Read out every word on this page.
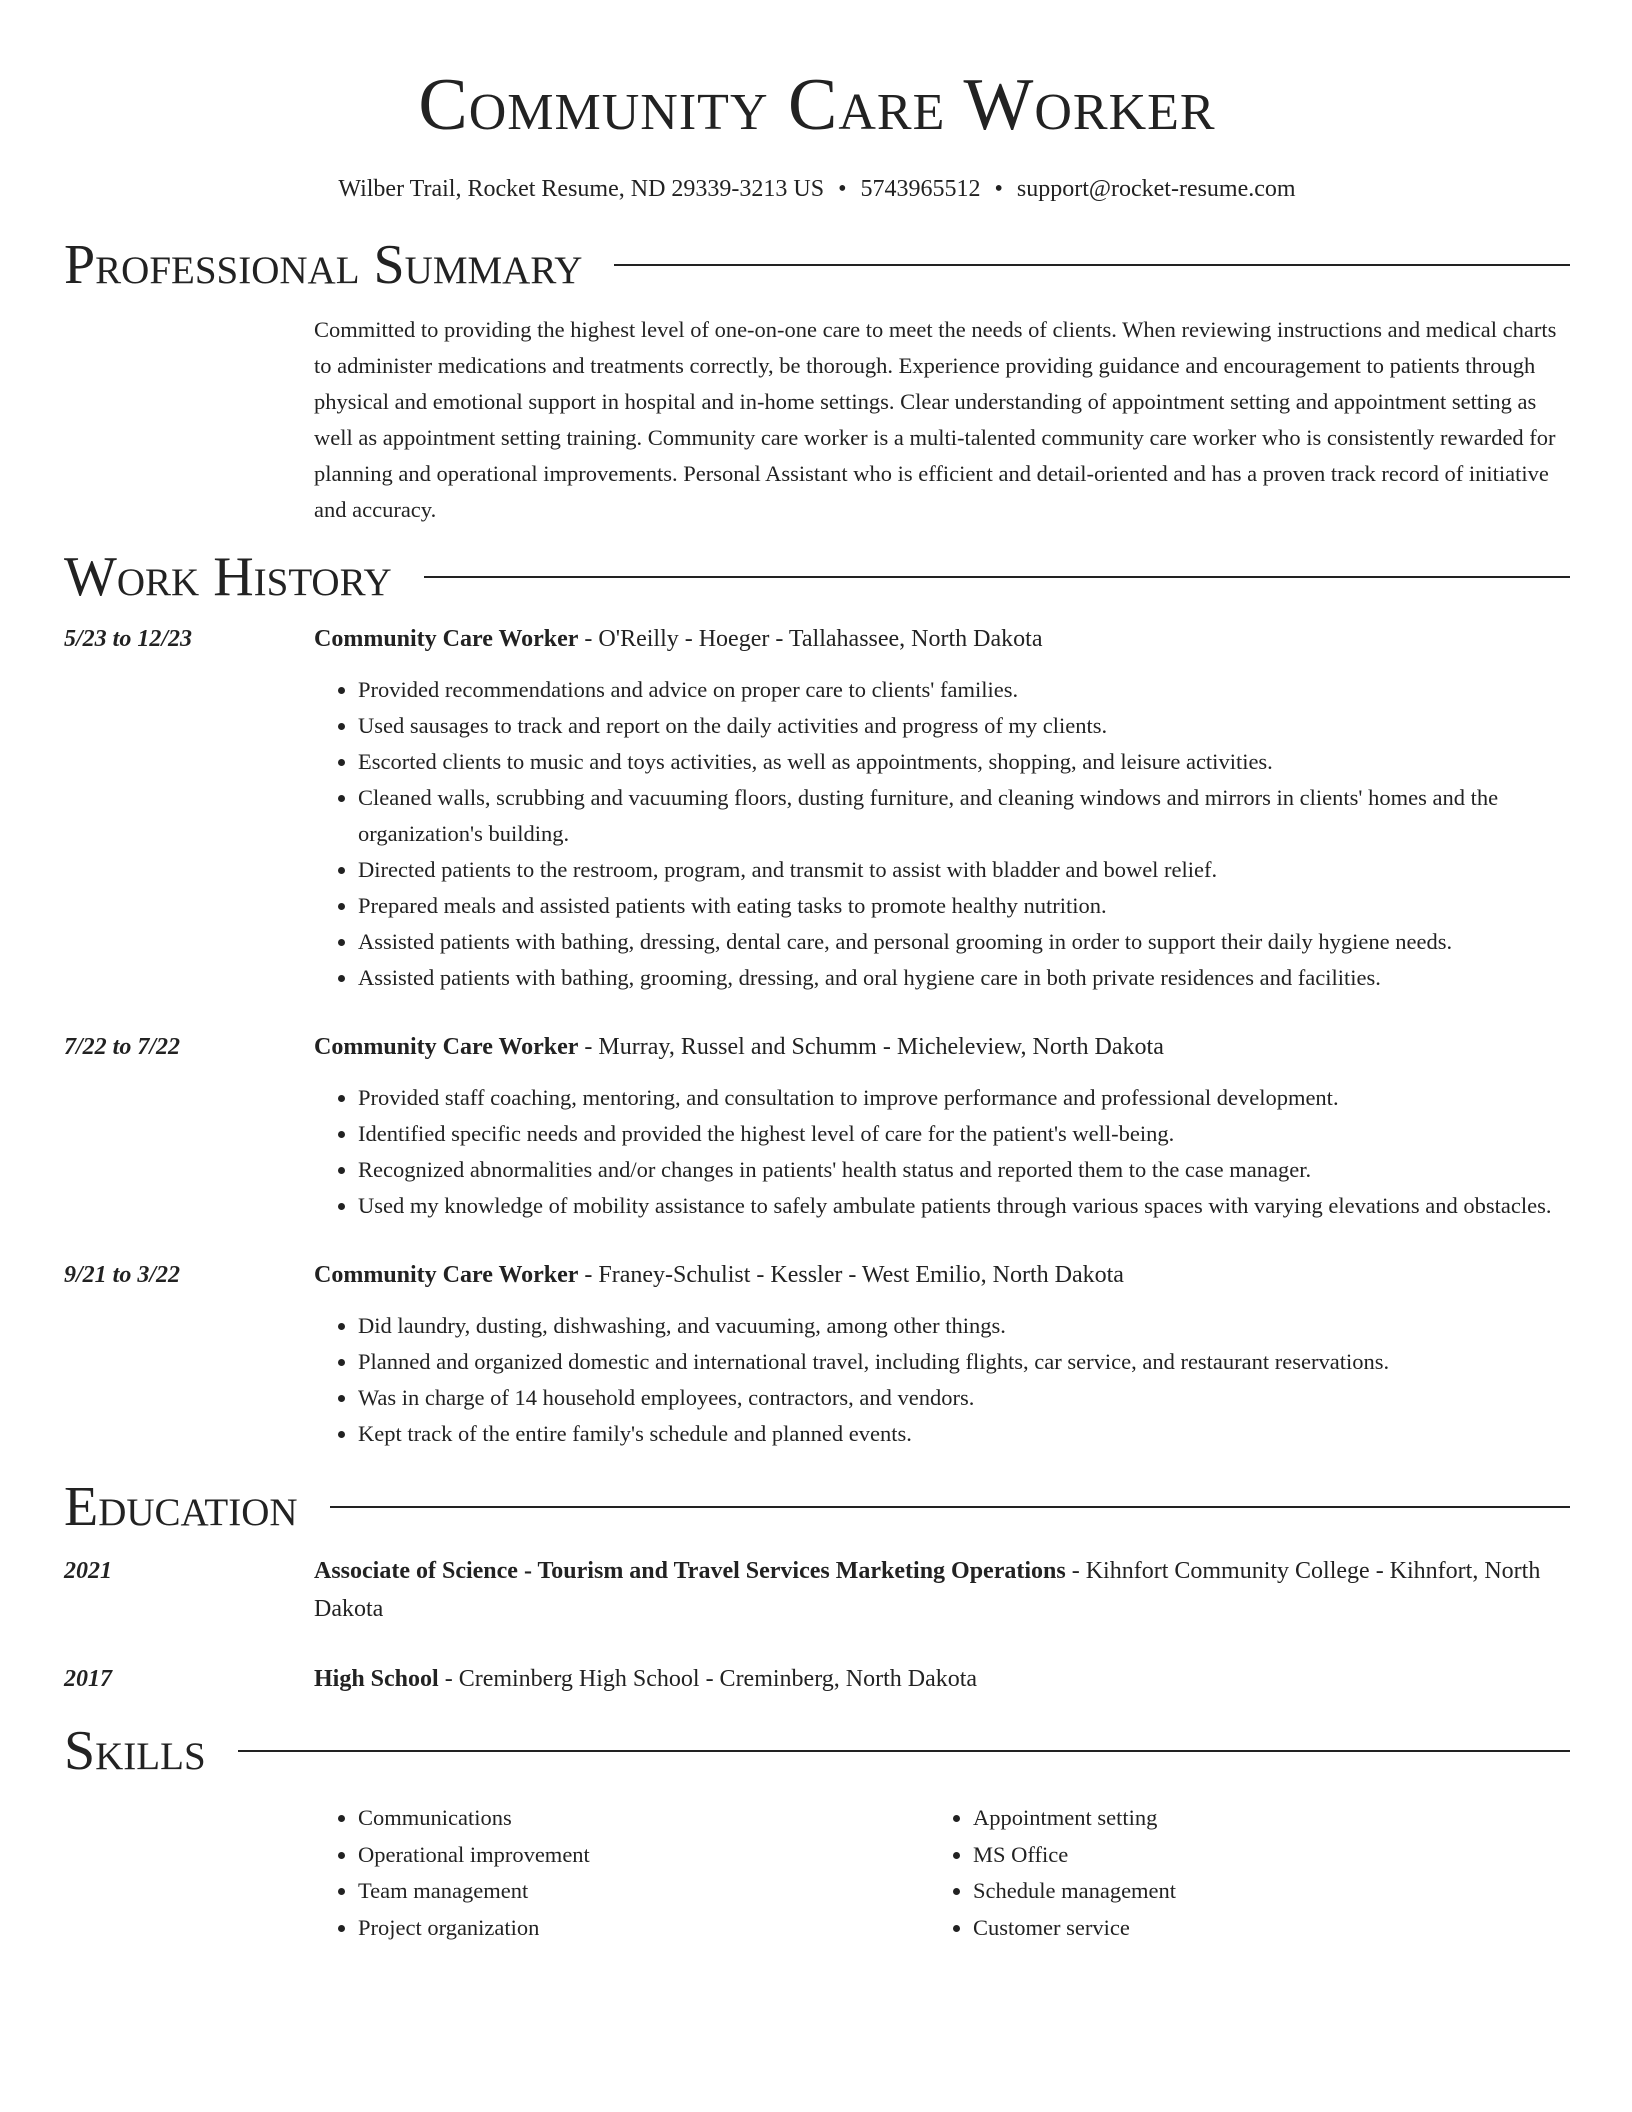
Community Care Worker
Wilber Trail, Rocket Resume, ND 29339-3213 US • 5743965512 • support@rocket-resume.com
Professional Summary
Committed to providing the highest level of one-on-one care to meet the needs of clients. When reviewing instructions and medical charts to administer medications and treatments correctly, be thorough. Experience providing guidance and encouragement to patients through physical and emotional support in hospital and in-home settings. Clear understanding of appointment setting and appointment setting as well as appointment setting training. Community care worker is a multi-talented community care worker who is consistently rewarded for planning and operational improvements. Personal Assistant who is efficient and detail-oriented and has a proven track record of initiative and accuracy.
Work History
5/23 to 12/23	Community Care Worker - O'Reilly - Hoeger - Tallahassee, North Dakota
• Provided recommendations and advice on proper care to clients' families.
• Used sausages to track and report on the daily activities and progress of my clients.
• Escorted clients to music and toys activities, as well as appointments, shopping, and leisure activities.
• Cleaned walls, scrubbing and vacuuming floors, dusting furniture, and cleaning windows and mirrors in clients' homes and the organization's building.
• Directed patients to the restroom, program, and transmit to assist with bladder and bowel relief.
• Prepared meals and assisted patients with eating tasks to promote healthy nutrition.
• Assisted patients with bathing, dressing, dental care, and personal grooming in order to support their daily hygiene needs.
• Assisted patients with bathing, grooming, dressing, and oral hygiene care in both private residences and facilities.
7/22 to 7/22	Community Care Worker - Murray, Russel and Schumm - Micheleview, North Dakota
• Provided staff coaching, mentoring, and consultation to improve performance and professional development.
• Identified specific needs and provided the highest level of care for the patient's well-being.
• Recognized abnormalities and/or changes in patients' health status and reported them to the case manager.
• Used my knowledge of mobility assistance to safely ambulate patients through various spaces with varying elevations and obstacles.
9/21 to 3/22	Community Care Worker - Franey-Schulist - Kessler - West Emilio, North Dakota
• Did laundry, dusting, dishwashing, and vacuuming, among other things.
• Planned and organized domestic and international travel, including flights, car service, and restaurant reservations.
• Was in charge of 14 household employees, contractors, and vendors.
• Kept track of the entire family's schedule and planned events.
Education
2021	Associate of Science - Tourism and Travel Services Marketing Operations - Kihnfort Community College - Kihnfort, North Dakota
2017	High School - Creminberg High School - Creminberg, North Dakota
Skills
• Communications
• Operational improvement
• Team management
• Project organization
• Appointment setting
• MS Office
• Schedule management
• Customer service
